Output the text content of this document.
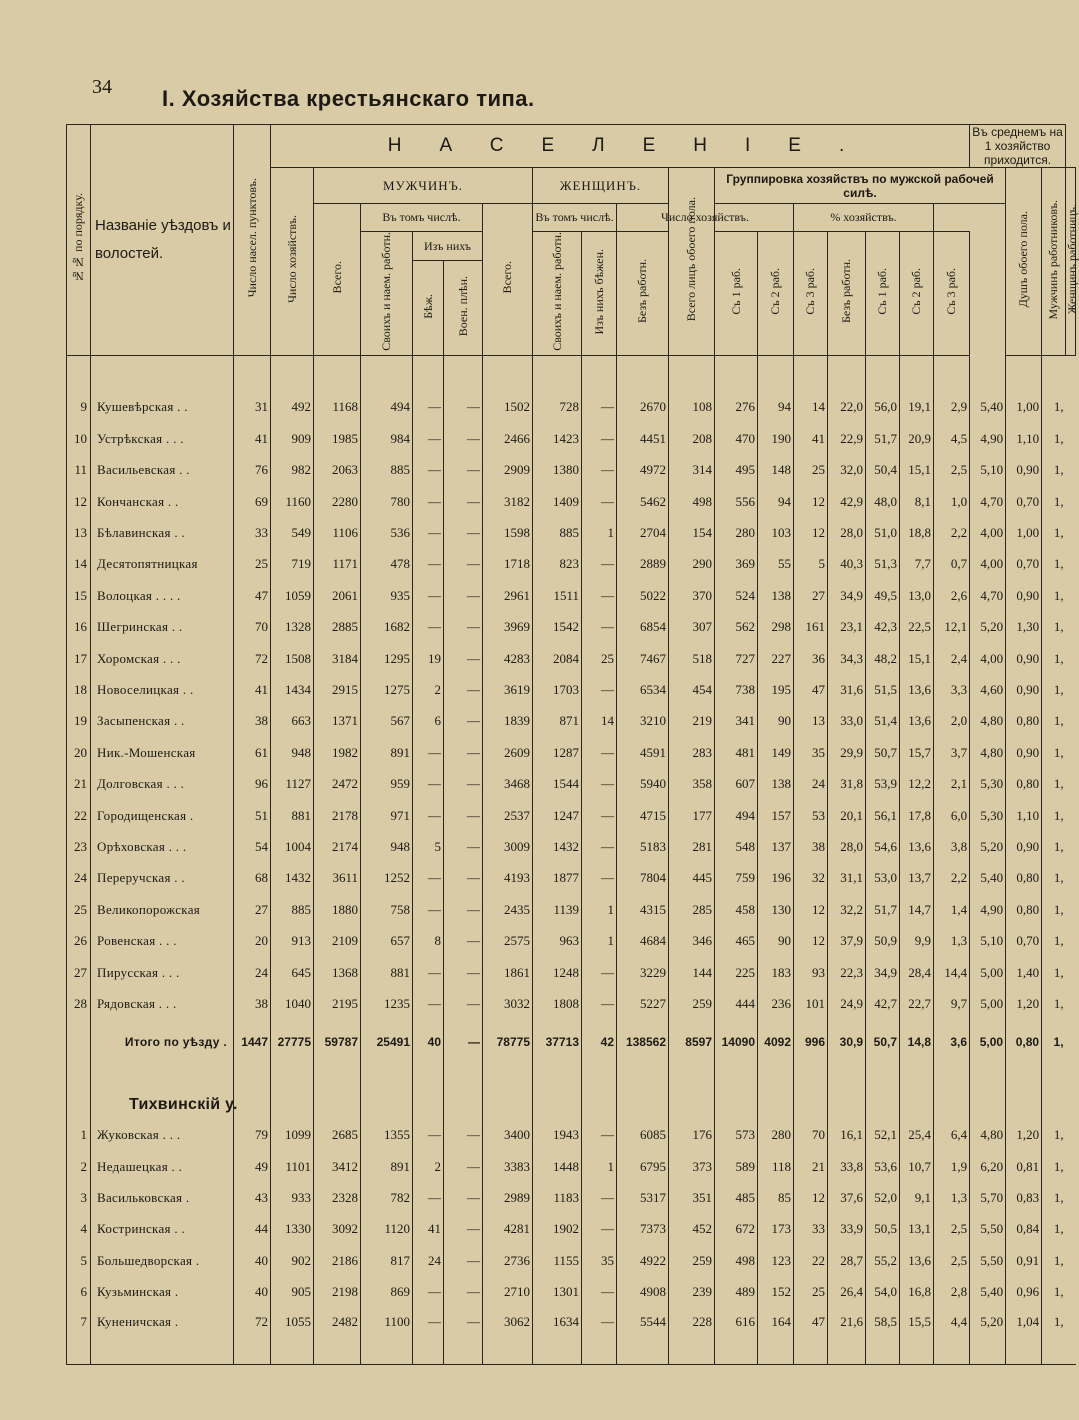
34 I. Хозяйства крестьянскаго типа.
№№ по порядку.	Названіе уѣздовъ и волостей.	Число насел. пунктовъ.	НАСЕЛЕНІЕ.																	Въ среднемъ на 1 хозяйство приходится.			
			Число хозяйствъ.	МУЖЧИНЪ.					ЖЕНЩИНЪ.			Всего лицъ обоего пола.	Группировка хозяйствъ по мужской рабочей силѣ.								Душъ обоего пола.	Мужчинъ работниковъ.	Женщинъ работницъ.
				Всего.	Въ томъ числѣ.			Всего.	Въ томъ числѣ.		Число хозяйствъ.				% хозяйствъ.								
					Своихъ и наем. работн.	Изъ нихъ			Своихъ и наем. работн.	Изъ нихъ бѣжен.	Безъ работн.		Съ 1 раб.	Съ 2 раб.	Съ 3 раб.	Безъ работн.	Съ 1 раб.	Съ 2 раб.	Съ 3 раб.				
						Бѣж.	Воен. плѣн.																

9	Кушевѣрская . .	31	492	1168	494	—	—	1502	728	—	2670	108	276	94	14	22,0	56,0	19,1	2,9	5,40	1,00	1,	
10	Устрѣкская . . .	41	909	1985	984	—	—	2466	1423	—	4451	208	470	190	41	22,9	51,7	20,9	4,5	4,90	1,10	1,	
11	Васильевская . .	76	982	2063	885	—	—	2909	1380	—	4972	314	495	148	25	32,0	50,4	15,1	2,5	5,10	0,90	1,	
12	Кончанская . .	69	1160	2280	780	—	—	3182	1409	—	5462	498	556	94	12	42,9	48,0	8,1	1,0	4,70	0,70	1,	
13	Бѣлавинская . .	33	549	1106	536	—	—	1598	885	1	2704	154	280	103	12	28,0	51,0	18,8	2,2	4,00	1,00	1,	
14	Десятопятницкая	25	719	1171	478	—	—	1718	823	—	2889	290	369	55	5	40,3	51,3	7,7	0,7	4,00	0,70	1,	
15	Волоцкая . . . .	47	1059	2061	935	—	—	2961	1511	—	5022	370	524	138	27	34,9	49,5	13,0	2,6	4,70	0,90	1,	
16	Шегринская . .	70	1328	2885	1682	—	—	3969	1542	—	6854	307	562	298	161	23,1	42,3	22,5	12,1	5,20	1,30	1,	
17	Хоромская . . .	72	1508	3184	1295	19	—	4283	2084	25	7467	518	727	227	36	34,3	48,2	15,1	2,4	4,00	0,90	1,	
18	Новоселицкая . .	41	1434	2915	1275	2	—	3619	1703	—	6534	454	738	195	47	31,6	51,5	13,6	3,3	4,60	0,90	1,	
19	Засыпенская . .	38	663	1371	567	6	—	1839	871	14	3210	219	341	90	13	33,0	51,4	13,6	2,0	4,80	0,80	1,	
20	Ник.-Мошенская	61	948	1982	891	—	—	2609	1287	—	4591	283	481	149	35	29,9	50,7	15,7	3,7	4,80	0,90	1,	
21	Долговская . . .	96	1127	2472	959	—	—	3468	1544	—	5940	358	607	138	24	31,8	53,9	12,2	2,1	5,30	0,80	1,	
22	Городищенская .	51	881	2178	971	—	—	2537	1247	—	4715	177	494	157	53	20,1	56,1	17,8	6,0	5,30	1,10	1,	
23	Орѣховская . . .	54	1004	2174	948	5	—	3009	1432	—	5183	281	548	137	38	28,0	54,6	13,6	3,8	5,20	0,90	1,	
24	Переручская . .	68	1432	3611	1252	—	—	4193	1877	—	7804	445	759	196	32	31,1	53,0	13,7	2,2	5,40	0,80	1,	
25	Великопорожская	27	885	1880	758	—	—	2435	1139	1	4315	285	458	130	12	32,2	51,7	14,7	1,4	4,90	0,80	1,	
26	Ровенская . . .	20	913	2109	657	8	—	2575	963	1	4684	346	465	90	12	37,9	50,9	9,9	1,3	5,10	0,70	1,	
27	Пирусская . . .	24	645	1368	881	—	—	1861	1248	—	3229	144	225	183	93	22,3	34,9	28,4	14,4	5,00	1,40	1,	
28	Рядовская . . .	38	1040	2195	1235	—	—	3032	1808	—	5227	259	444	236	101	24,9	42,7	22,7	9,7	5,00	1,20	1,	
	Итого по уѣзду .	1447	27775	59787	25491	40	—	78775	37713	42	138562	8597	14090	4092	996	30,9	50,7	14,8	3,6	5,00	0,80	1,	
	Тихвинскій у.																						
1	Жуковская . . .	79	1099	2685	1355	—	—	3400	1943	—	6085	176	573	280	70	16,1	52,1	25,4	6,4	4,80	1,20	1,	
2	Недашецкая . .	49	1101	3412	891	2	—	3383	1448	1	6795	373	589	118	21	33,8	53,6	10,7	1,9	6,20	0,81	1,	
3	Васильковская .	43	933	2328	782	—	—	2989	1183	—	5317	351	485	85	12	37,6	52,0	9,1	1,3	5,70	0,83	1,	
4	Костринская . .	44	1330	3092	1120	41	—	4281	1902	—	7373	452	672	173	33	33,9	50,5	13,1	2,5	5,50	0,84	1,	
5	Большедворская .	40	902	2186	817	24	—	2736	1155	35	4922	259	498	123	22	28,7	55,2	13,6	2,5	5,50	0,91	1,	
6	Кузьминская .	40	905	2198	869	—	—	2710	1301	—	4908	239	489	152	25	26,4	54,0	16,8	2,8	5,40	0,96	1,	
7	Куненичская .	72	1055	2482	1100	—	—	3062	1634	—	5544	228	616	164	47	21,6	58,5	15,5	4,4	5,20	1,04	1,	
